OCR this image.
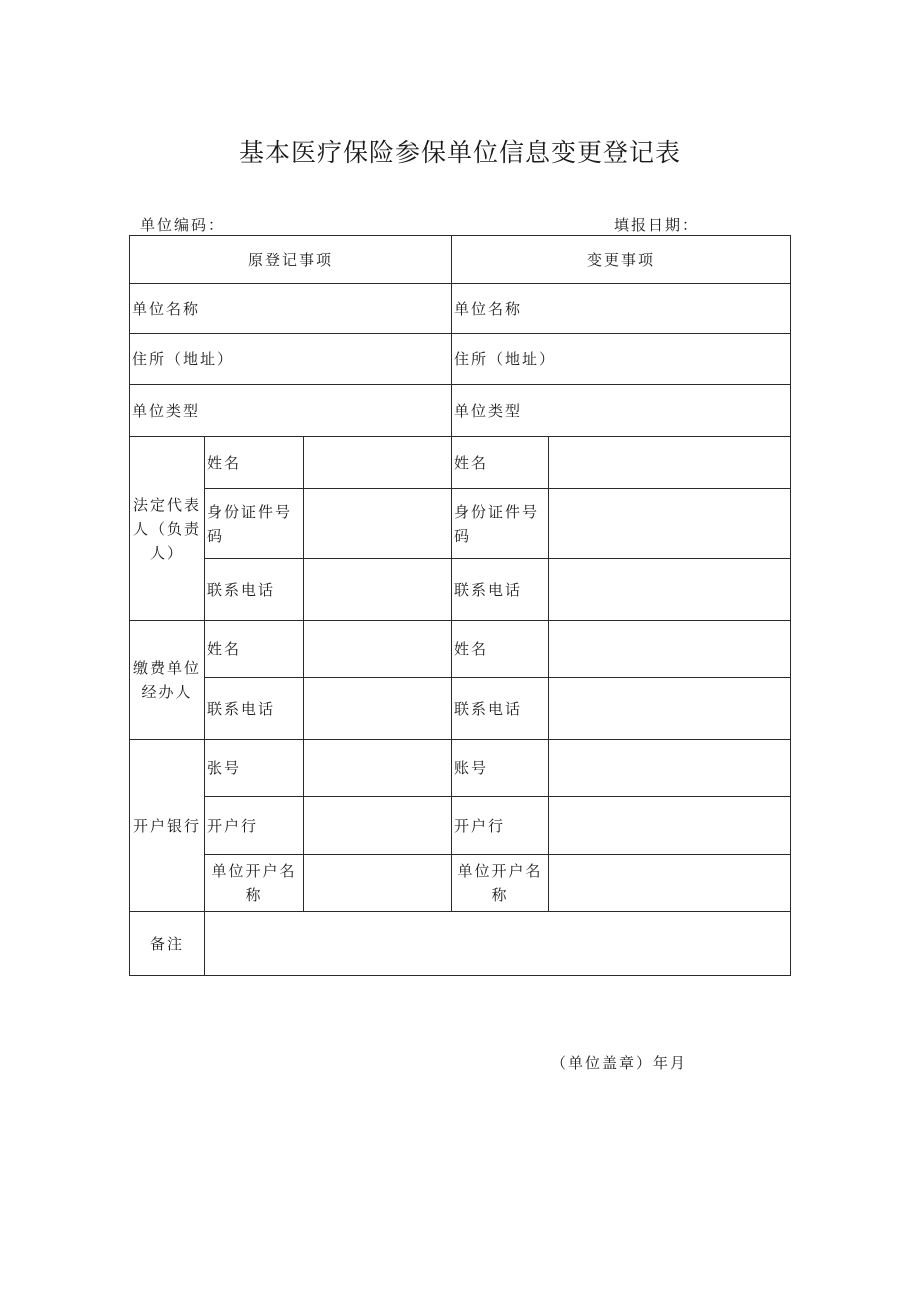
基本医疗保险参保单位信息变更登记表
单位编码：	填报日期：
原登记事项			变更事项	
单位名称			单位名称	
住所（地址）			住所（地址）	
单位类型			单位类型	
法定代表人（负责人）	姓名		姓名	
	身份证件号码		身份证件号码	
	联系电话		联系电话	
缴费单位经办人	姓名		姓名	
	联系电话		联系电话	
开户银行	张号		账号	
	开户行		开户行	
	单位开户名称		单位开户名称	
备注				
（单位盖章）年月
